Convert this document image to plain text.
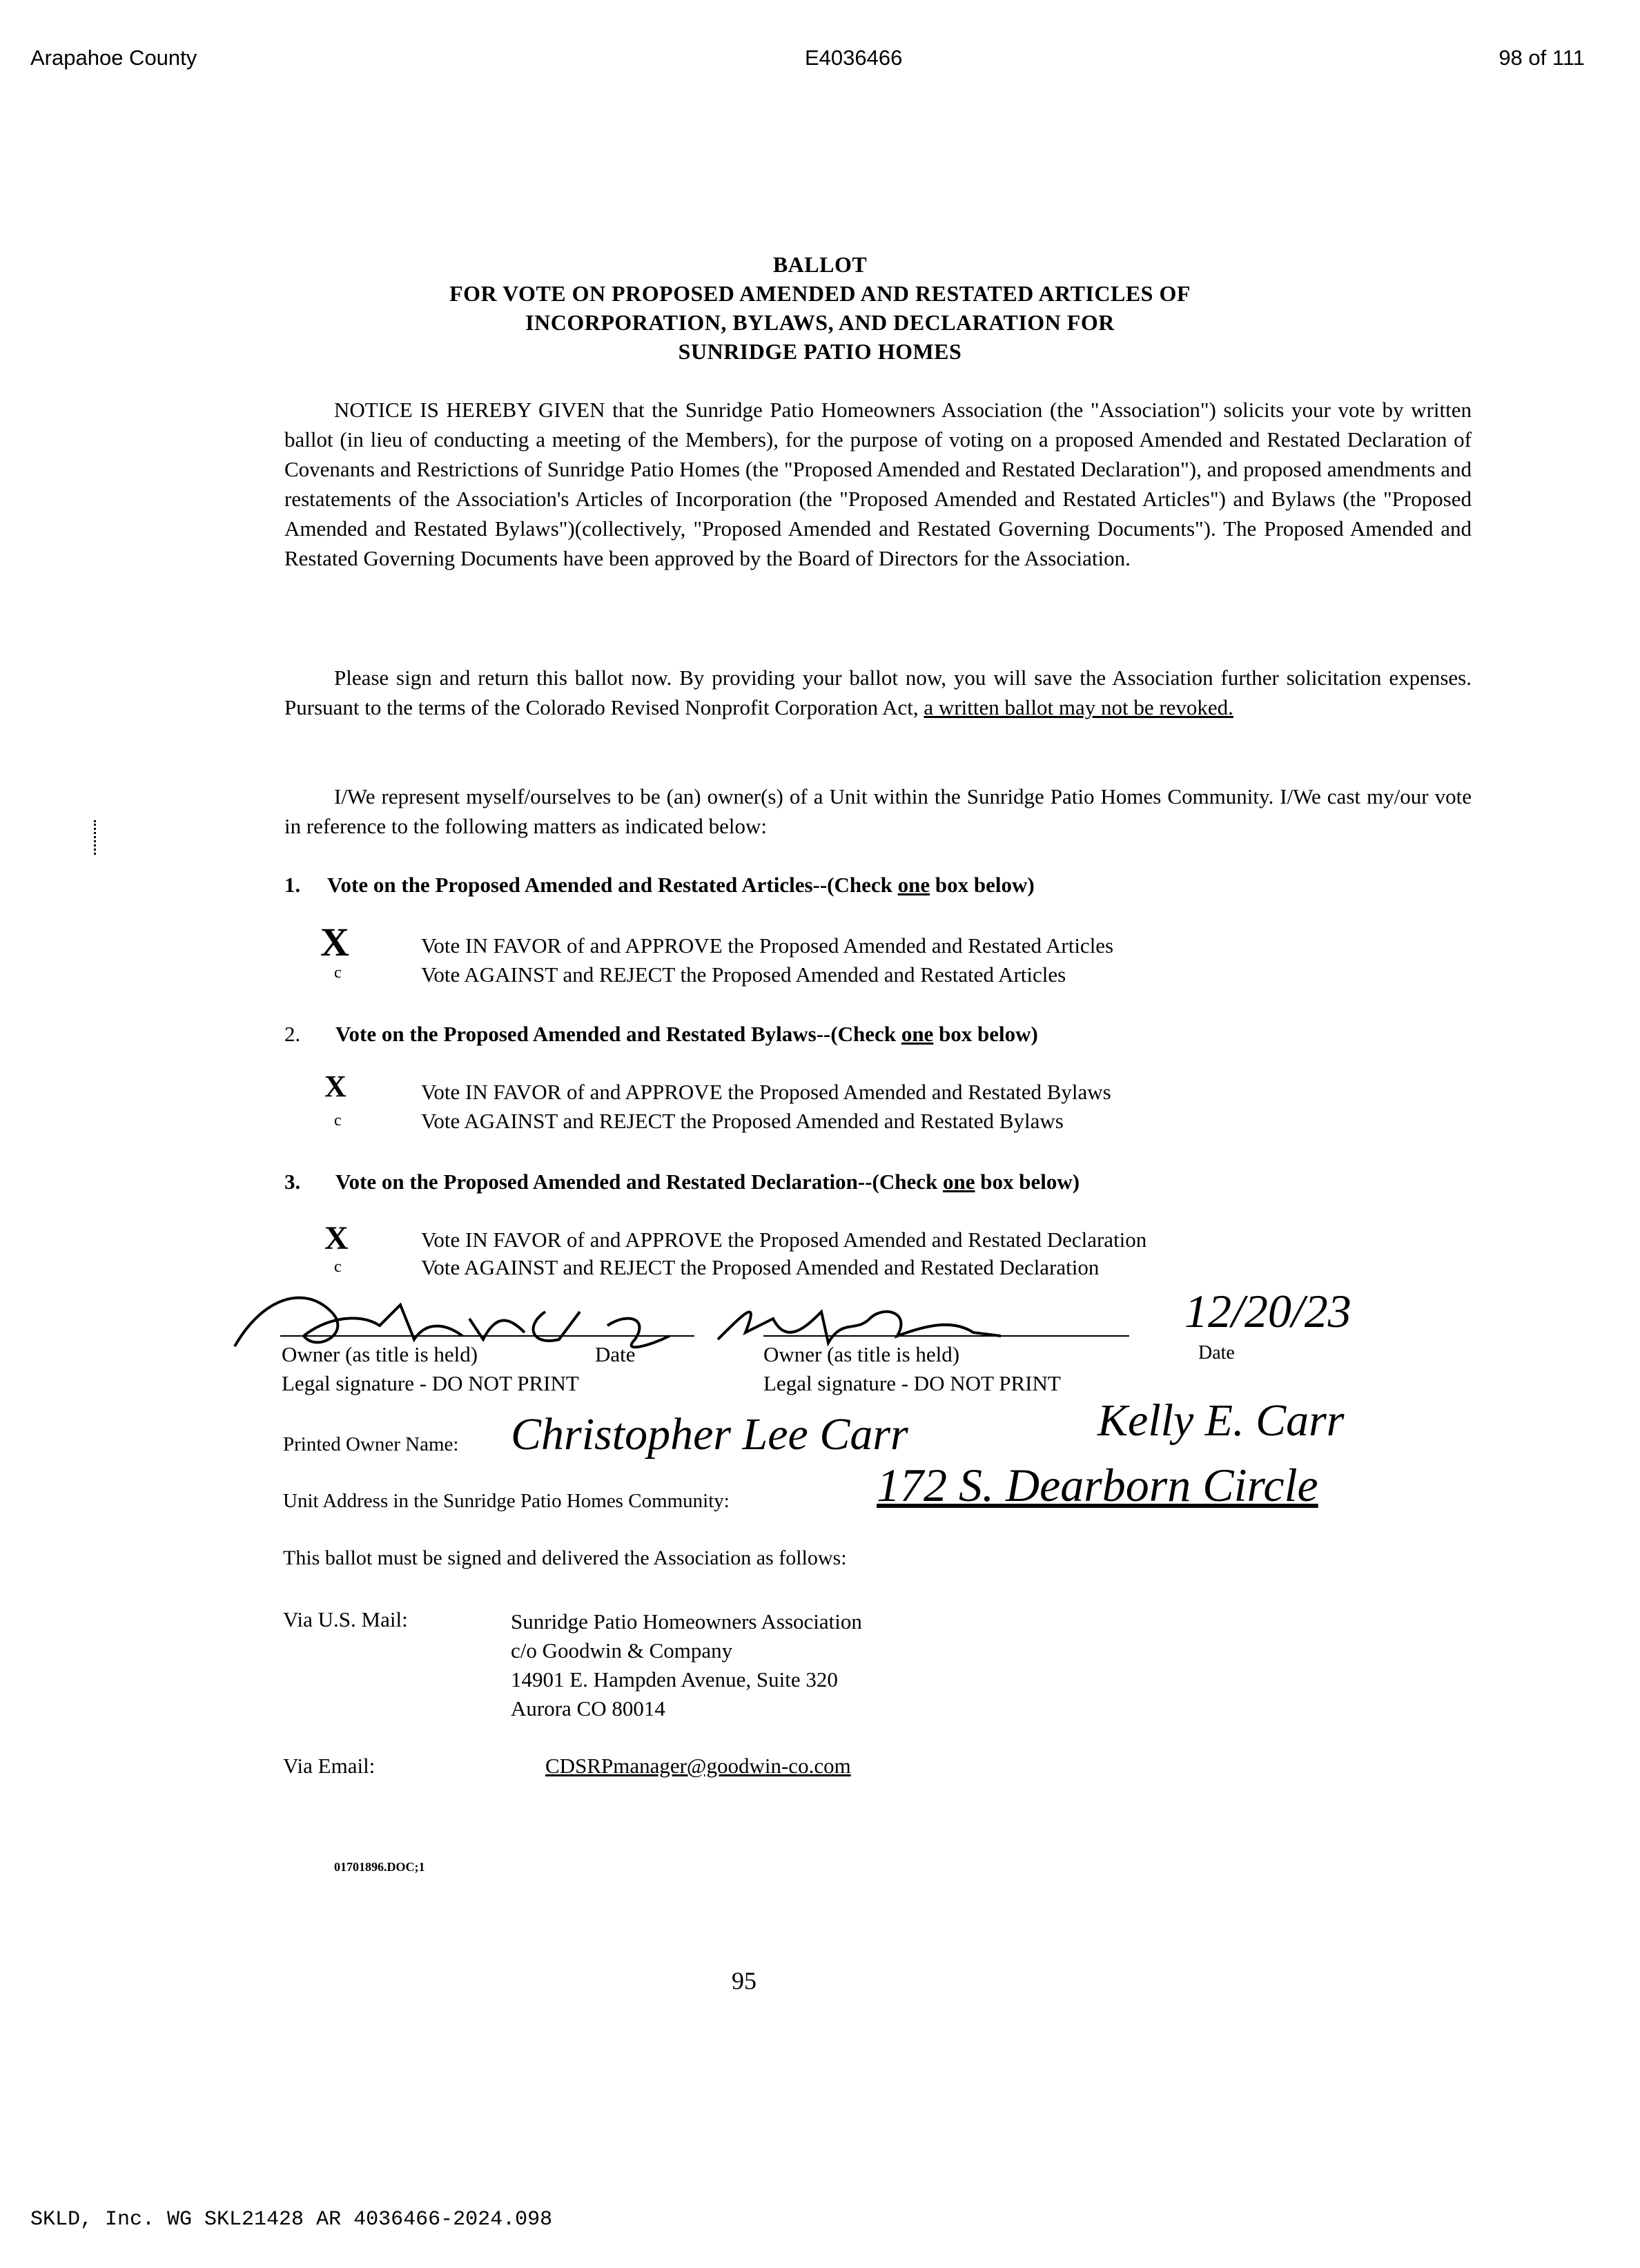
Arapahoe County	E4036466	98 of 111
BALLOT
FOR VOTE ON PROPOSED AMENDED AND RESTATED ARTICLES OF
INCORPORATION, BYLAWS, AND DECLARATION FOR
SUNRIDGE PATIO HOMES

NOTICE IS HEREBY GIVEN that the Sunridge Patio Homeowners Association (the "Association") solicits your vote by written ballot (in lieu of conducting a meeting of the Members), for the purpose of voting on a proposed Amended and Restated Declaration of Covenants and Restrictions of Sunridge Patio Homes (the "Proposed Amended and Restated Declaration"), and proposed amendments and restatements of the Association's Articles of Incorporation (the "Proposed Amended and Restated Articles") and Bylaws (the "Proposed Amended and Restated Bylaws")(collectively, "Proposed Amended and Restated Governing Documents"). The Proposed Amended and Restated Governing Documents have been approved by the Board of Directors for the Association.

Please sign and return this ballot now. By providing your ballot now, you will save the Association further solicitation expenses. Pursuant to the terms of the Colorado Revised Nonprofit Corporation Act, a written ballot may not be revoked.

I/We represent myself/ourselves to be (an) owner(s) of a Unit within the Sunridge Patio Homes Community. I/We cast my/our vote in reference to the following matters as indicated below:

1. Vote on the Proposed Amended and Restated Articles--(Check one box below)
X	Vote IN FAVOR of and APPROVE the Proposed Amended and Restated Articles
c	Vote AGAINST and REJECT the Proposed Amended and Restated Articles
2. Vote on the Proposed Amended and Restated Bylaws--(Check one box below)
X	Vote IN FAVOR of and APPROVE the Proposed Amended and Restated Bylaws
c	Vote AGAINST and REJECT the Proposed Amended and Restated Bylaws
3. Vote on the Proposed Amended and Restated Declaration--(Check one box below)
X	Vote IN FAVOR of and APPROVE the Proposed Amended and Restated Declaration
c	Vote AGAINST and REJECT the Proposed Amended and Restated Declaration
12/20/23
Owner (as title is held)	Date	Owner (as title is held)	Date
Legal signature - DO NOT PRINT	Legal signature - DO NOT PRINT
Printed Owner Name: Christopher Lee Carr	Kelly E. Carr
Unit Address in the Sunridge Patio Homes Community:	172 S. Dearborn Circle
This ballot must be signed and delivered the Association as follows:
Via U.S. Mail:	Sunridge Patio Homeowners Association
c/o Goodwin & Company
14901 E. Hampden Avenue, Suite 320
Aurora CO 80014
Via Email:	CDSRPmanager@goodwin-co.com
01701896.DOC;1
95
SKLD, Inc. WG SKL21428 AR 4036466-2024.098
